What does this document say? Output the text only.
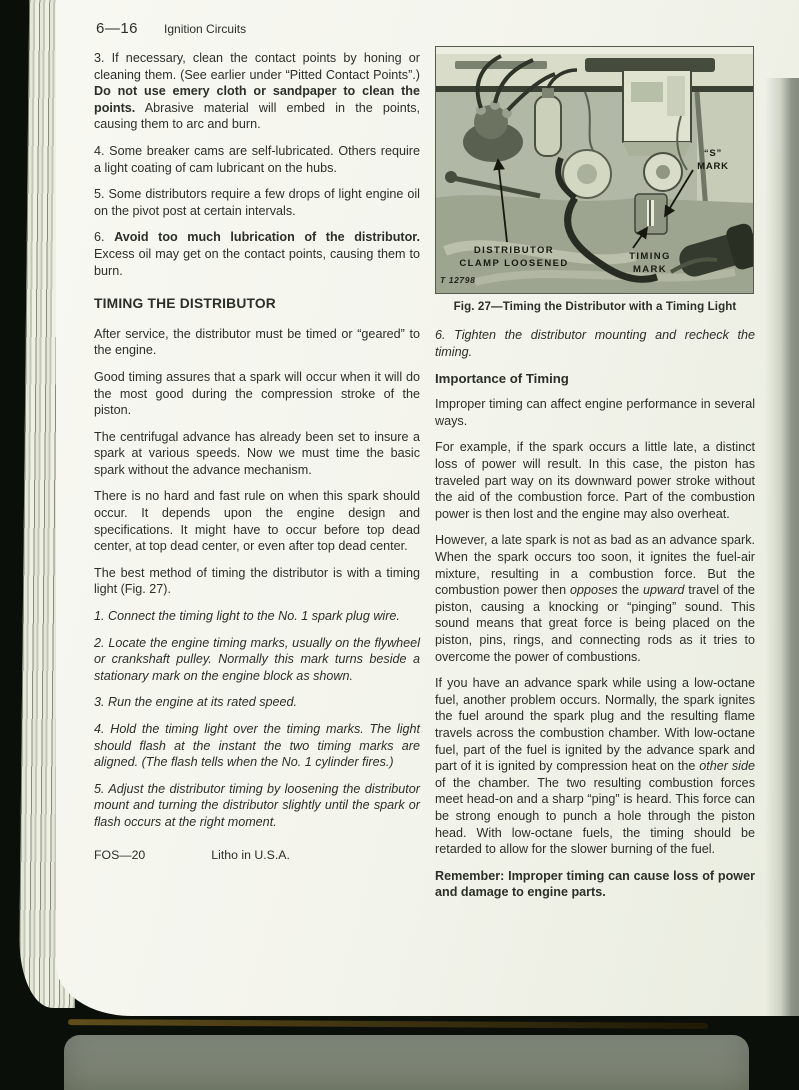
6—16 Ignition Circuits

3. If necessary, clean the contact points by honing or cleaning them. (See earlier under “Pitted Contact Points”.) Do not use emery cloth or sandpaper to clean the points. Abrasive material will embed in the points, causing them to arc and burn.

4. Some breaker cams are self-lubricated. Others require a light coating of cam lubricant on the hubs.

5. Some distributors require a few drops of light engine oil on the pivot post at certain intervals.

6. Avoid too much lubrication of the distributor. Excess oil may get on the contact points, causing them to burn.

TIMING THE DISTRIBUTOR

After service, the distributor must be timed or “geared” to the engine.

Good timing assures that a spark will occur when it will do the most good during the compression stroke of the piston.

The centrifugal advance has already been set to insure a spark at various speeds. Now we must time the basic spark without the advance mechanism.

There is no hard and fast rule on when this spark should occur. It depends upon the engine design and specifications. It might have to occur before top dead center, at top dead center, or even after top dead center.

The best method of timing the distributor is with a timing light (Fig. 27).

1. Connect the timing light to the No. 1 spark plug wire.

2. Locate the engine timing marks, usually on the flywheel or crankshaft pulley. Normally this mark turns beside a stationary mark on the engine block as shown.

3. Run the engine at its rated speed.

4. Hold the timing light over the timing marks. The light should flash at the instant the two timing marks are aligned. (The flash tells when the No. 1 cylinder fires.)

5. Adjust the distributor timing by loosening the distributor mount and turning the distributor slightly until the spark or flash occurs at the right moment.

FOS—20	Litho in U.S.A.
“S”
MARK
DISTRIBUTOR
CLAMP LOOSENED
TIMING
MARK
T 12798
Fig. 27—Timing the Distributor with a Timing Light

6. Tighten the distributor mounting and recheck the timing.

Importance of Timing

Improper timing can affect engine performance in several ways.

For example, if the spark occurs a little late, a distinct loss of power will result. In this case, the piston has traveled part way on its downward power stroke without the aid of the combustion force. Part of the combustion power is then lost and the engine may also overheat.

However, a late spark is not as bad as an advance spark. When the spark occurs too soon, it ignites the fuel-air mixture, resulting in a combustion force. But the combustion power then opposes the upward travel of the piston, causing a knocking or “pinging” sound. This sound means that great force is being placed on the piston, pins, rings, and connecting rods as it tries to overcome the power of combustions.

If you have an advance spark while using a low-octane fuel, another problem occurs. Normally, the spark ignites the fuel around the spark plug and the resulting flame travels across the combustion chamber. With low-octane fuel, part of the fuel is ignited by the advance spark and part of it is ignited by compression heat on the other side of the chamber. The two resulting combustion forces meet head-on and a sharp “ping” is heard. This force can be strong enough to punch a hole through the piston head. With low-octane fuels, the timing should be retarded to allow for the slower burning of the fuel.

Remember: Improper timing can cause loss of power and damage to engine parts.
